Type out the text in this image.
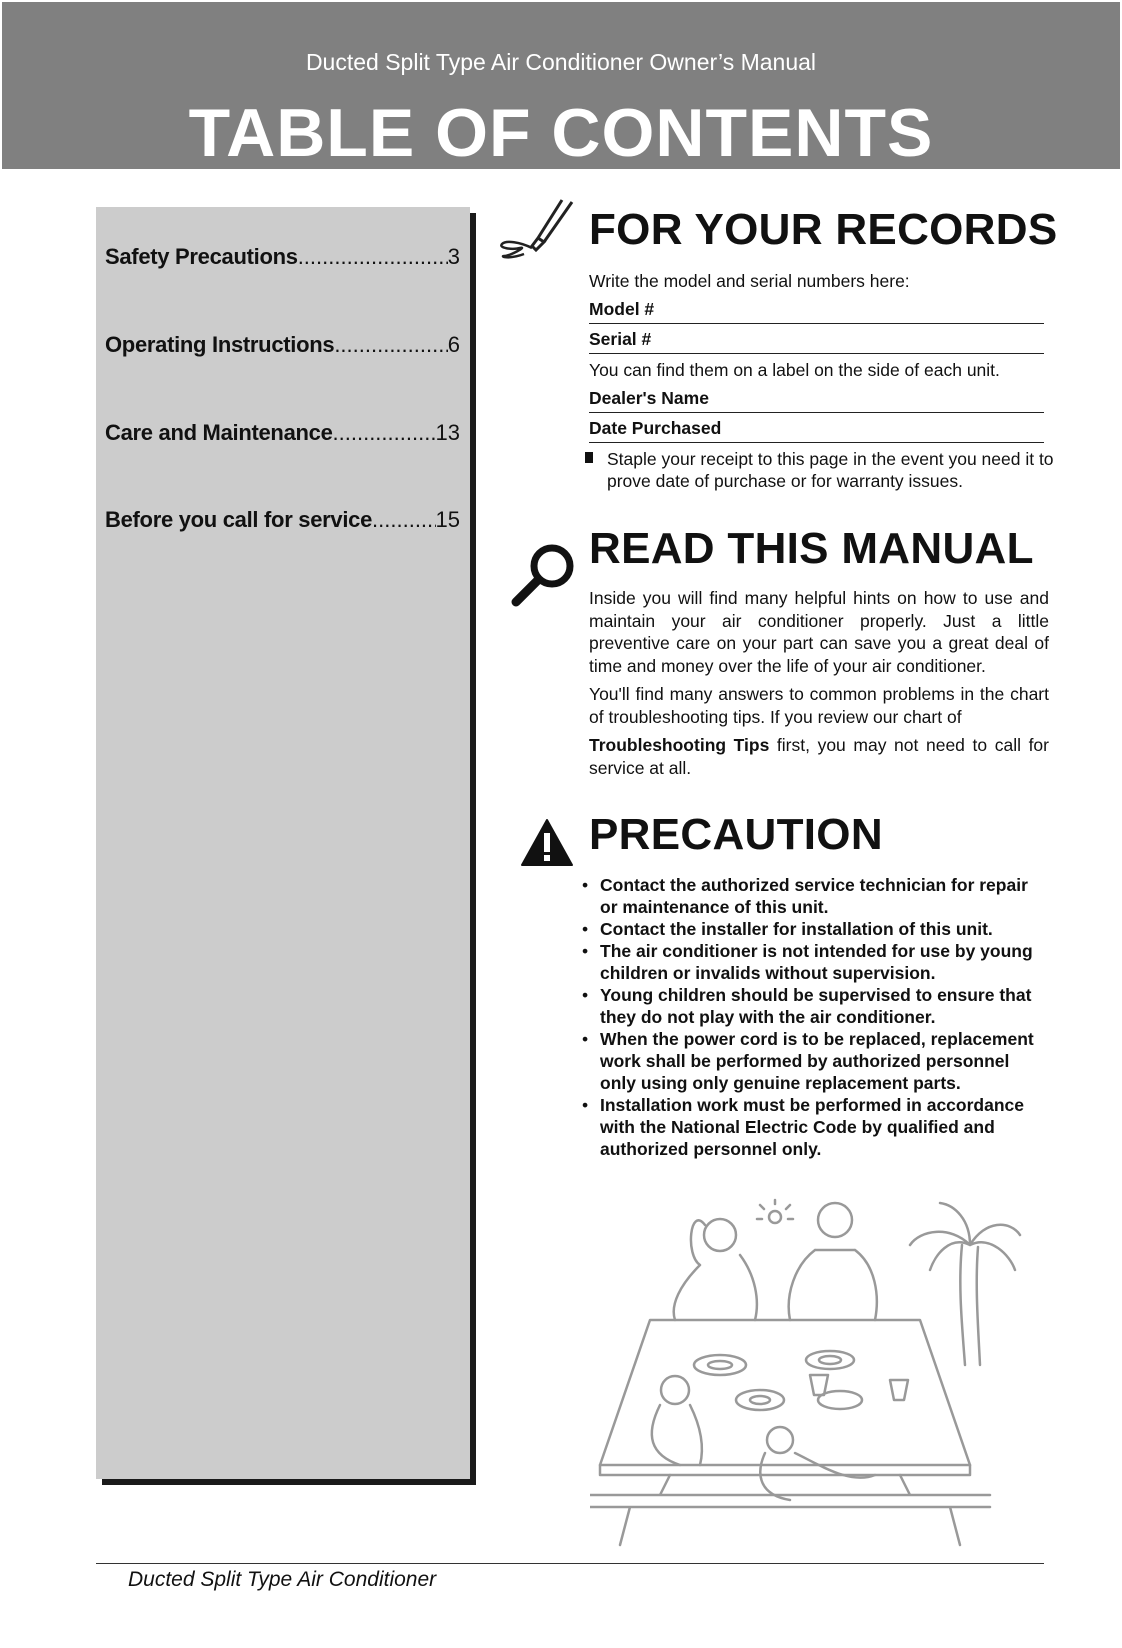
Ducted Split Type Air Conditioner Owner’s Manual
TABLE OF CONTENTS
Safety Precautions .....	3
Operating Instructions .....	6
Care and Maintenance .....	13
Before you call for service .....	15
FOR YOUR RECORDS
Write the model and serial numbers here:
Model #
Serial #
You can find them on a label on the side of each unit.
Dealer's Name
Date Purchased
Staple your receipt to this page in the event you need it to prove date of purchase or for warranty issues.
READ THIS MANUAL
Inside you will find many helpful hints on how to use and maintain your air conditioner properly. Just a little preventive care on your part can save you a great deal of time and money over the life of your air conditioner.
You'll find many answers to common problems in the chart of troubleshooting tips. If you review our chart of
Troubleshooting Tips first, you may not need to call for service at all.
PRECAUTION
• Contact the authorized service technician for repair or maintenance of this unit.
• Contact the installer for installation of this unit.
• The air conditioner is not intended for use by young children or invalids without supervision.
• Young children should be supervised to ensure that they do not play with the air conditioner.
• When the power cord is to be replaced, replacement work shall be performed by authorized personnel only using only genuine replacement parts.
• Installation work must be performed in accordance with the National Electric Code by qualified and authorized personnel only.
Ducted Split Type Air Conditioner
